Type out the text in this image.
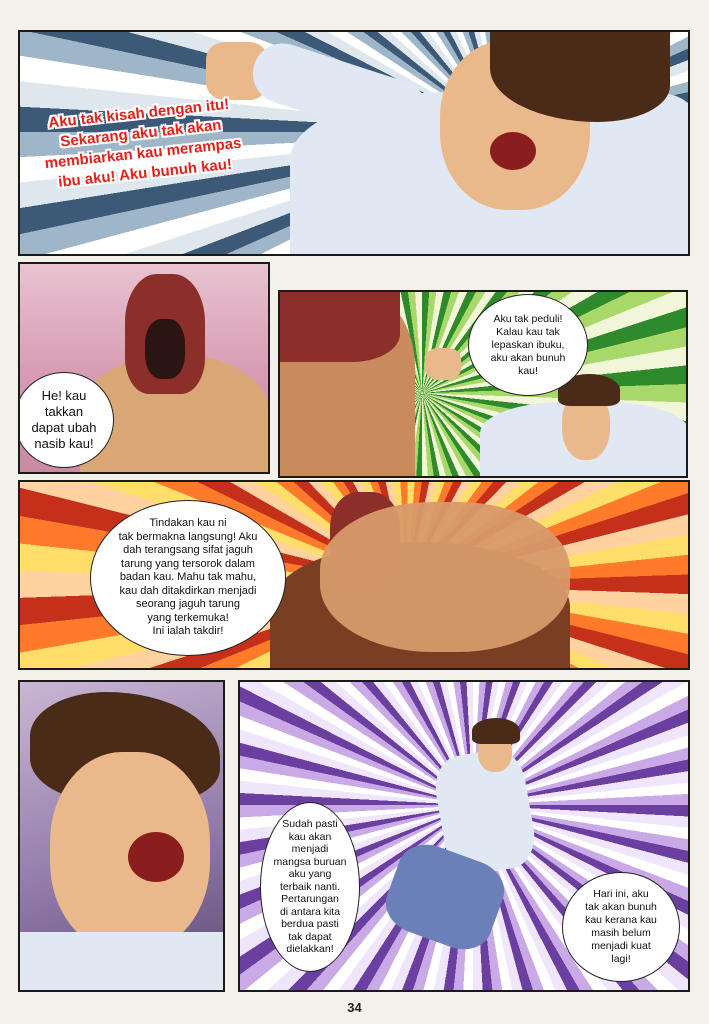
Aku tak kisah dengan itu!
Sekarang aku tak akan
membiarkan kau merampas
ibu aku! Aku bunuh kau!
He! kau
takkan
dapat ubah
nasib kau!
Aku tak peduli!
Kalau kau tak
lepaskan ibuku,
aku akan bunuh
kau!
Tindakan kau ni
tak bermakna langsung! Aku
dah terangsang sifat jaguh
tarung yang tersorok dalam
badan kau. Mahu tak mahu,
kau dah ditakdirkan menjadi
seorang jaguh tarung
yang terkemuka!
Ini ialah takdir!
Sudah pasti
kau akan
menjadi
mangsa buruan
aku yang
terbaik nanti.
Pertarungan
di antara kita
berdua pasti
tak dapat
dielakkan!
Hari ini, aku
tak akan bunuh
kau kerana kau
masih belum
menjadi kuat
lagi!
34
